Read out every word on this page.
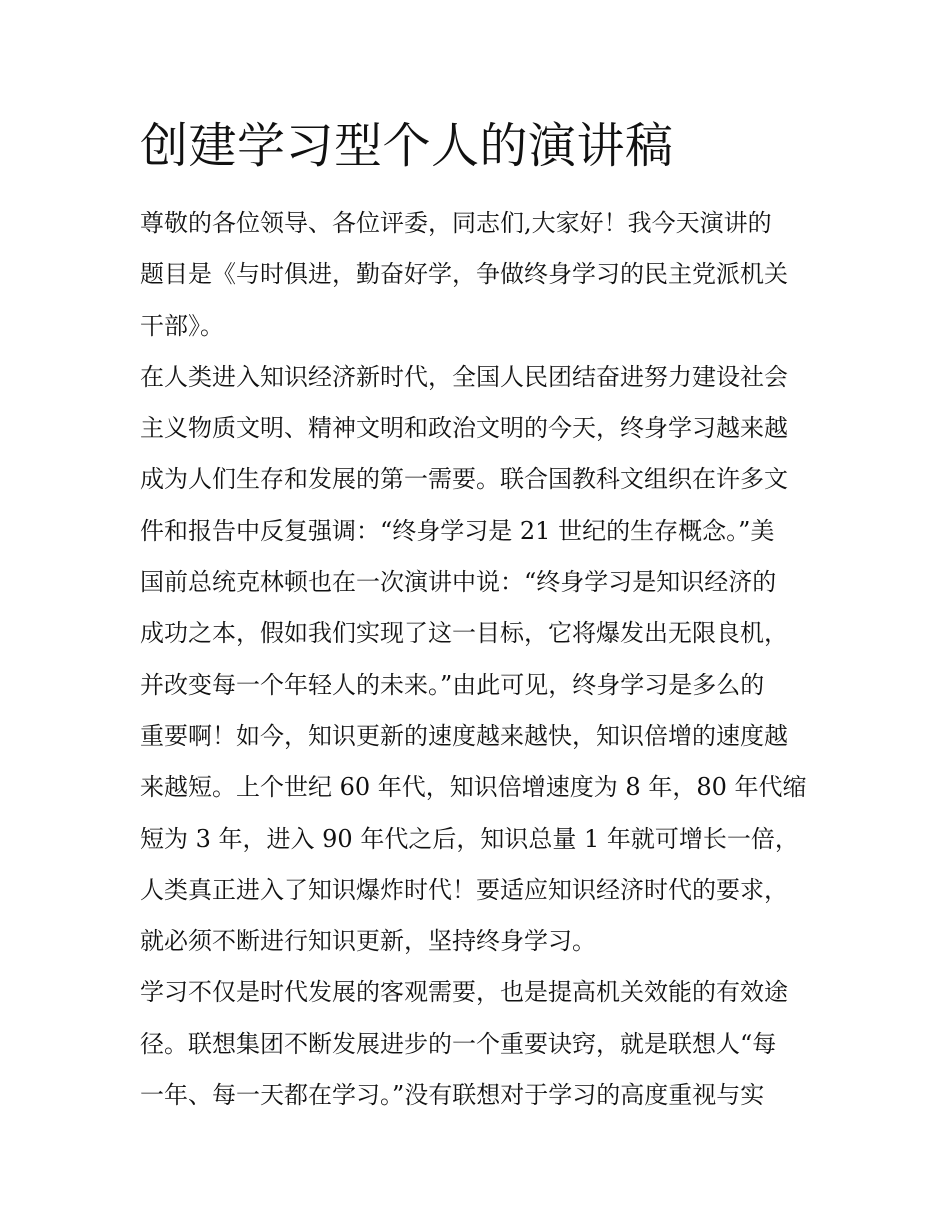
创建学习型个人的演讲稿
尊敬的各位领导、各位评委，同志们,大家好！我今天演讲的
题目是《与时俱进，勤奋好学，争做终身学习的民主党派机关
干部》。
在人类进入知识经济新时代，全国人民团结奋进努力建设社会
主义物质文明、精神文明和政治文明的今天，终身学习越来越
成为人们生存和发展的第一需要。联合国教科文组织在许多文
件和报告中反复强调：“终身学习是 21 世纪的生存概念。”美
国前总统克林顿也在一次演讲中说：“终身学习是知识经济的
成功之本，假如我们实现了这一目标，它将爆发出无限良机，
并改变每一个年轻人的未来。”由此可见，终身学习是多么的
重要啊！如今，知识更新的速度越来越快，知识倍增的速度越
来越短。上个世纪 60 年代，知识倍增速度为 8 年，80 年代缩
短为 3 年，进入 90 年代之后，知识总量 1 年就可增长一倍，
人类真正进入了知识爆炸时代！要适应知识经济时代的要求，
就必须不断进行知识更新，坚持终身学习。
学习不仅是时代发展的客观需要，也是提高机关效能的有效途
径。联想集团不断发展进步的一个重要诀窍，就是联想人“每
一年、每一天都在学习。”没有联想对于学习的高度重视与实
